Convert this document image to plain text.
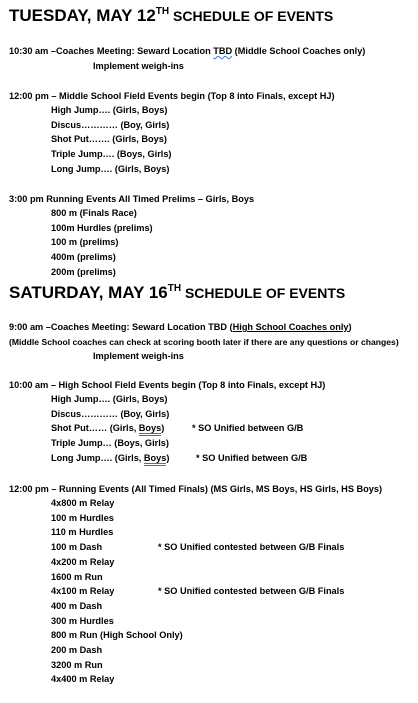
TUESDAY, MAY 12TH SCHEDULE OF EVENTS
10:30 am –Coaches Meeting: Seward Location TBD (Middle School Coaches only)
Implement weigh-ins
12:00 pm – Middle School Field Events begin (Top 8 into Finals, except HJ)
High Jump…. (Girls, Boys)
Discus………… (Boy, Girls)
Shot Put……. (Girls, Boys)
Triple Jump…. (Boys, Girls)
Long Jump…. (Girls, Boys)
3:00 pm Running Events All Timed Prelims – Girls, Boys
800 m (Finals Race)
100m Hurdles (prelims)
100 m (prelims)
400m (prelims)
200m (prelims)
SATURDAY, MAY 16TH SCHEDULE OF EVENTS
9:00 am –Coaches Meeting: Seward Location TBD (High School Coaches only)
(Middle School coaches can check at scoring booth later if there are any questions or changes)
Implement weigh-ins
10:00 am – High School Field Events begin (Top 8 into Finals, except HJ)
High Jump…. (Girls, Boys)
Discus………… (Boy, Girls)
Shot Put…… (Girls, Boys)	* SO Unified between G/B
Triple Jump… (Boys, Girls)
Long Jump…. (Girls, Boys)	* SO Unified between G/B
12:00 pm – Running Events (All Timed Finals) (MS Girls, MS Boys, HS Girls, HS Boys)
4x800 m Relay
100 m Hurdles
110 m Hurdles
100 m Dash	* SO Unified contested between G/B Finals
4x200 m Relay
1600 m Run
4x100 m Relay	* SO Unified contested between G/B Finals
400 m Dash
300 m Hurdles
800 m Run (High School Only)
200 m Dash
3200 m Run
4x400 m Relay
